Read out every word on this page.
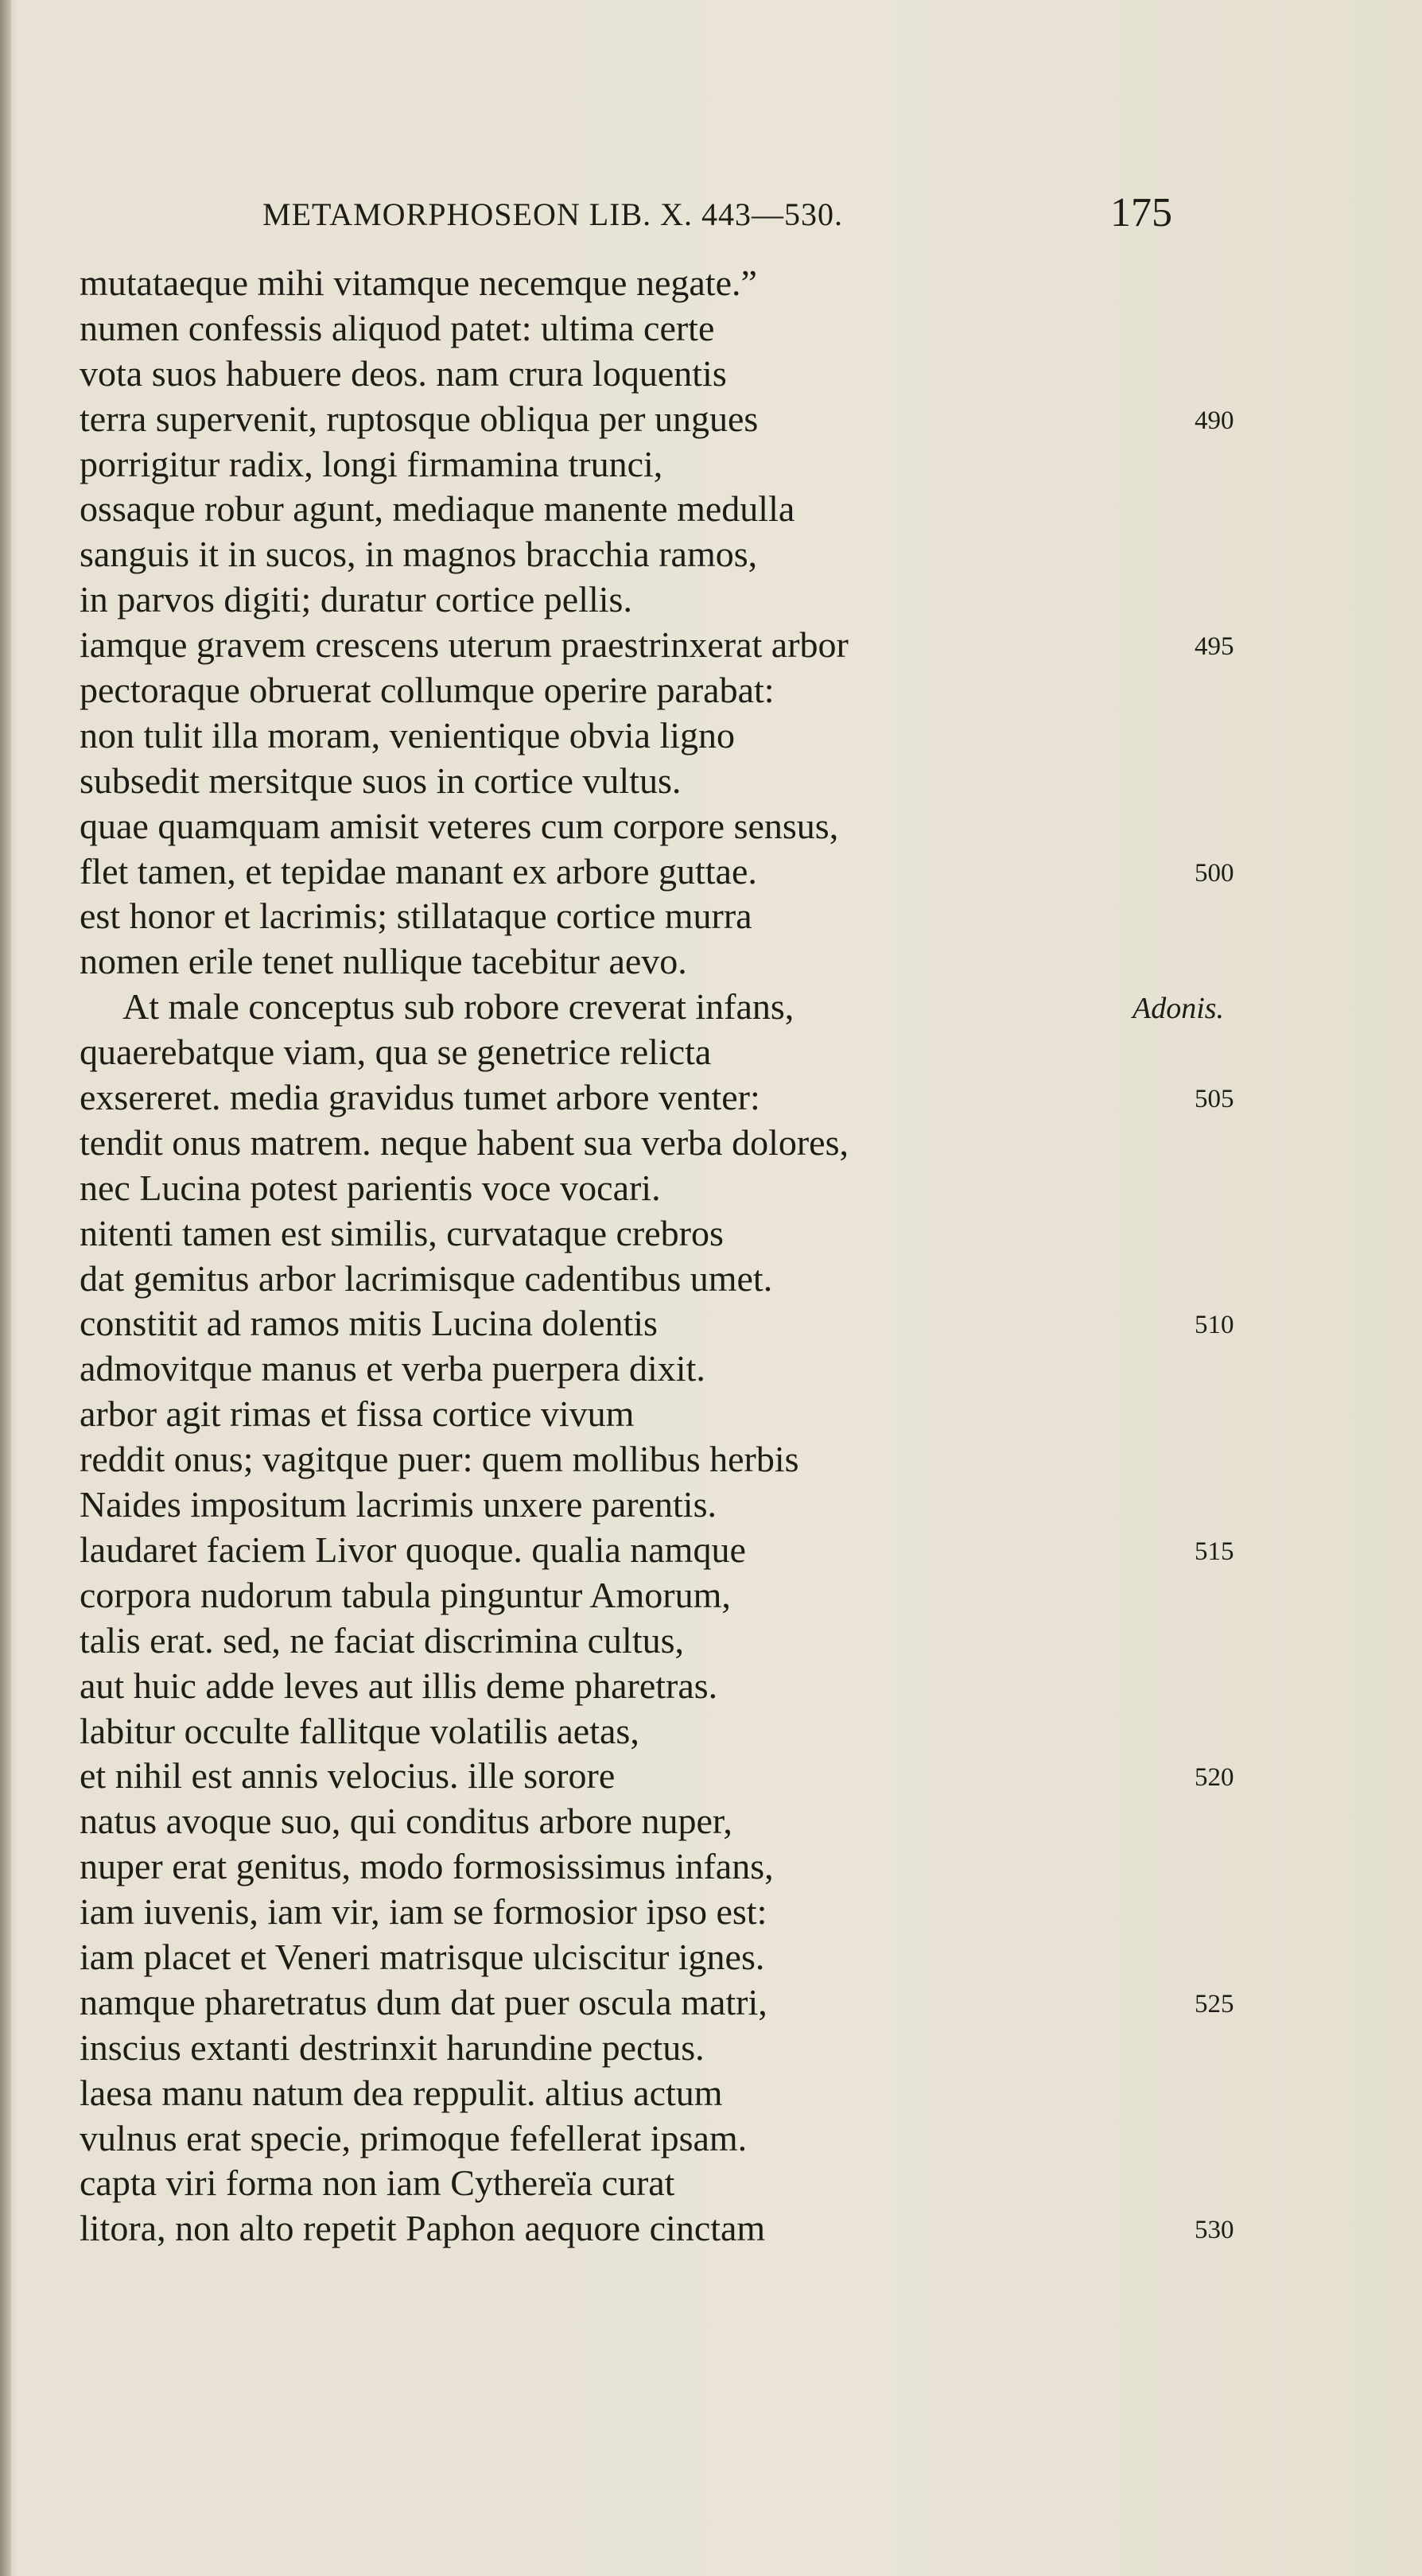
METAMORPHOSEON LIB. X. 443—530.	175
mutataeque mihi vitamque necemque negate.”
numen confessis aliquod patet: ultima certe
vota suos habuere deos. nam crura loquentis
terra supervenit, ruptosque obliqua per ungues	490
porrigitur radix, longi firmamina trunci,
ossaque robur agunt, mediaque manente medulla
sanguis it in sucos, in magnos bracchia ramos,
in parvos digiti; duratur cortice pellis.
iamque gravem crescens uterum praestrinxerat arbor	495
pectoraque obruerat collumque operire parabat:
non tulit illa moram, venientique obvia ligno
subsedit mersitque suos in cortice vultus.
quae quamquam amisit veteres cum corpore sensus,
flet tamen, et tepidae manant ex arbore guttae.	500
est honor et lacrimis; stillataque cortice murra
nomen erile tenet nullique tacebitur aevo.
At male conceptus sub robore creverat infans,	Adonis.
quaerebatque viam, qua se genetrice relicta
exsereret. media gravidus tumet arbore venter:	505
tendit onus matrem. neque habent sua verba dolores,
nec Lucina potest parientis voce vocari.
nitenti tamen est similis, curvataque crebros
dat gemitus arbor lacrimisque cadentibus umet.
constitit ad ramos mitis Lucina dolentis	510
admovitque manus et verba puerpera dixit.
arbor agit rimas et fissa cortice vivum
reddit onus; vagitque puer: quem mollibus herbis
Naides impositum lacrimis unxere parentis.
laudaret faciem Livor quoque. qualia namque	515
corpora nudorum tabula pinguntur Amorum,
talis erat. sed, ne faciat discrimina cultus,
aut huic adde leves aut illis deme pharetras.
labitur occulte fallitque volatilis aetas,
et nihil est annis velocius. ille sorore	520
natus avoque suo, qui conditus arbore nuper,
nuper erat genitus, modo formosissimus infans,
iam iuvenis, iam vir, iam se formosior ipso est:
iam placet et Veneri matrisque ulciscitur ignes.
namque pharetratus dum dat puer oscula matri,	525
inscius extanti destrinxit harundine pectus.
laesa manu natum dea reppulit. altius actum
vulnus erat specie, primoque fefellerat ipsam.
capta viri forma non iam Cythereïa curat
litora, non alto repetit Paphon aequore cinctam	530
